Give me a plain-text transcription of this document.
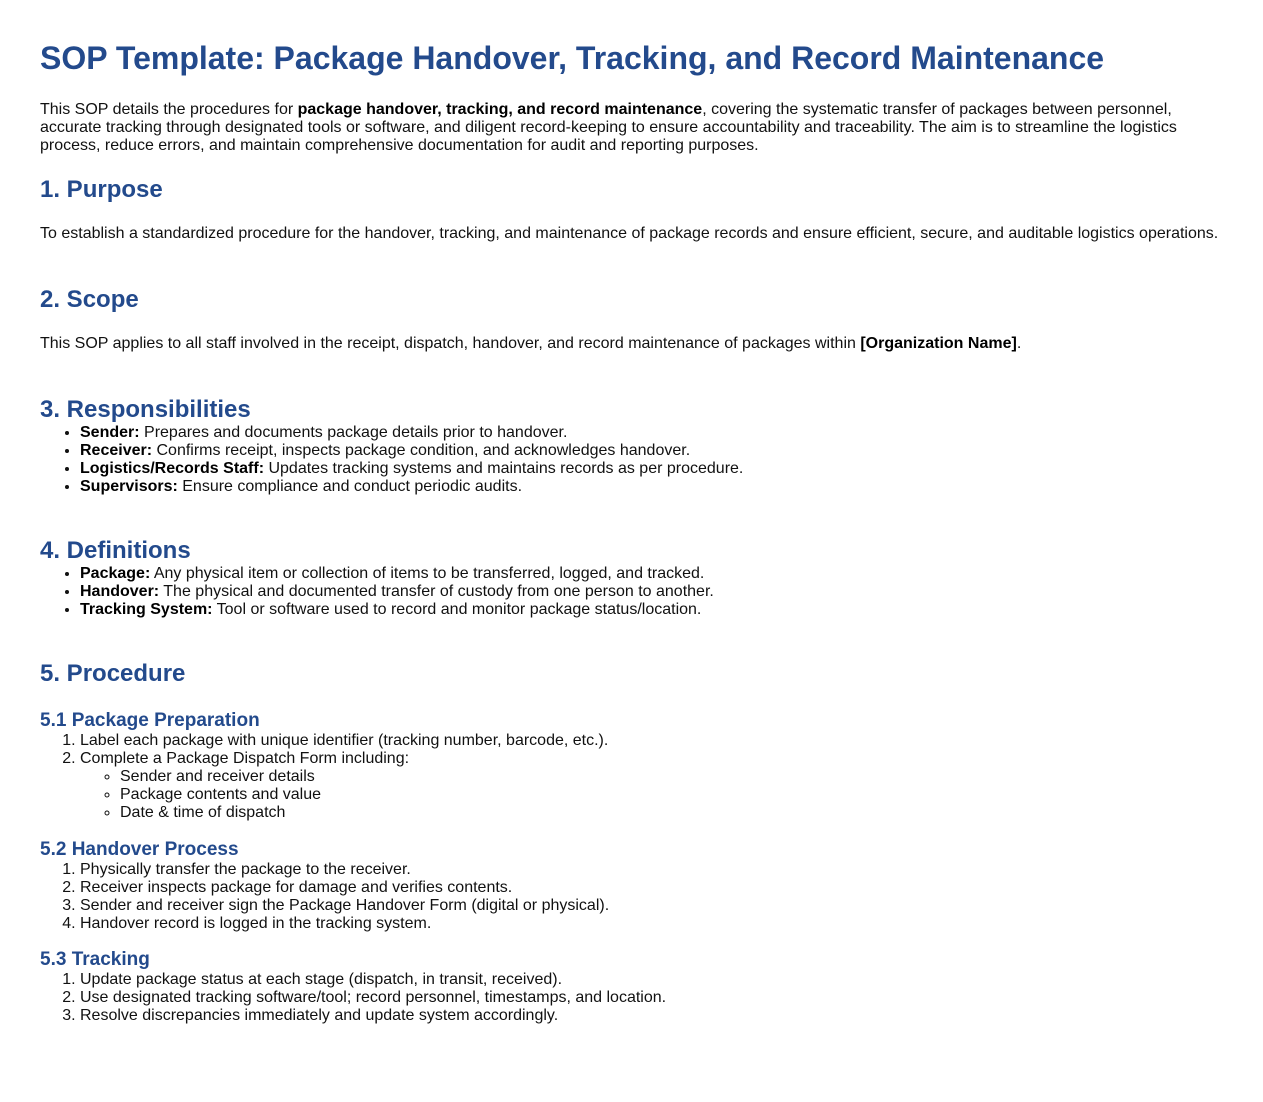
SOP Template: Package Handover, Tracking, and Record Maintenance

This SOP details the procedures for package handover, tracking, and record maintenance, covering the systematic transfer of packages between personnel, accurate tracking through designated tools or software, and diligent record-keeping to ensure accountability and traceability. The aim is to streamline the logistics process, reduce errors, and maintain comprehensive documentation for audit and reporting purposes.

1. Purpose

To establish a standardized procedure for the handover, tracking, and maintenance of package records and ensure efficient, secure, and auditable logistics operations.

2. Scope

This SOP applies to all staff involved in the receipt, dispatch, handover, and record maintenance of packages within [Organization Name].

3. Responsibilities
• Sender: Prepares and documents package details prior to handover.
• Receiver: Confirms receipt, inspects package condition, and acknowledges handover.
• Logistics/Records Staff: Updates tracking systems and maintains records as per procedure.
• Supervisors: Ensure compliance and conduct periodic audits.
4. Definitions
• Package: Any physical item or collection of items to be transferred, logged, and tracked.
• Handover: The physical and documented transfer of custody from one person to another.
• Tracking System: Tool or software used to record and monitor package status/location.
5. Procedure
5.1 Package Preparation
1. Label each package with unique identifier (tracking number, barcode, etc.).
2. Complete a Package Dispatch Form including:
◦ Sender and receiver details
◦ Package contents and value
◦ Date & time of dispatch
5.2 Handover Process
1. Physically transfer the package to the receiver.
2. Receiver inspects package for damage and verifies contents.
3. Sender and receiver sign the Package Handover Form (digital or physical).
4. Handover record is logged in the tracking system.
5.3 Tracking
1. Update package status at each stage (dispatch, in transit, received).
2. Use designated tracking software/tool; record personnel, timestamps, and location.
3. Resolve discrepancies immediately and update system accordingly.
